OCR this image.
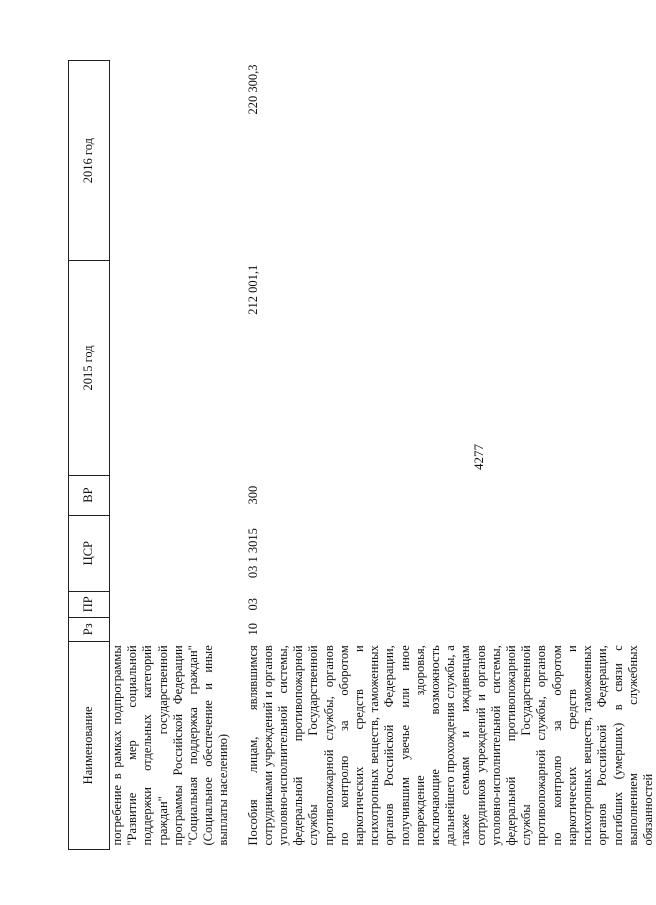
4277
Наименование	Рз	ПР	ЦСР	ВР	2015 год	2016 год
погребение в рамках подпрограммы "Развитие мер социальной поддержки отдельных категорий граждан" государственной программы Российской Федерации "Социальная поддержка граждан" (Социальное обеспечение и иные выплаты населению)						

Пособия лицам, являвшимся сотрудниками учреждений и органов уголовно-исполнительной системы, федеральной противопожарной службы Государственной противопожарной службы, органов по контролю за оборотом наркотических средств и психотропных веществ, таможенных органов Российской Федерации, получившим увечье или иное повреждение здоровья, исключающие возможность дальнейшего прохождения службы, а также семьям и иждивенцам сотрудников учреждений и органов уголовно-исполнительной системы, федеральной противопожарной службы Государственной противопожарной службы, органов по контролю за оборотом наркотических средств и психотропных веществ, таможенных органов Российской Федерации, погибших (умерших) в связи с выполнением служебных обязанностей	10	03	03 1 3015	300	212 001,1	220 300,3
